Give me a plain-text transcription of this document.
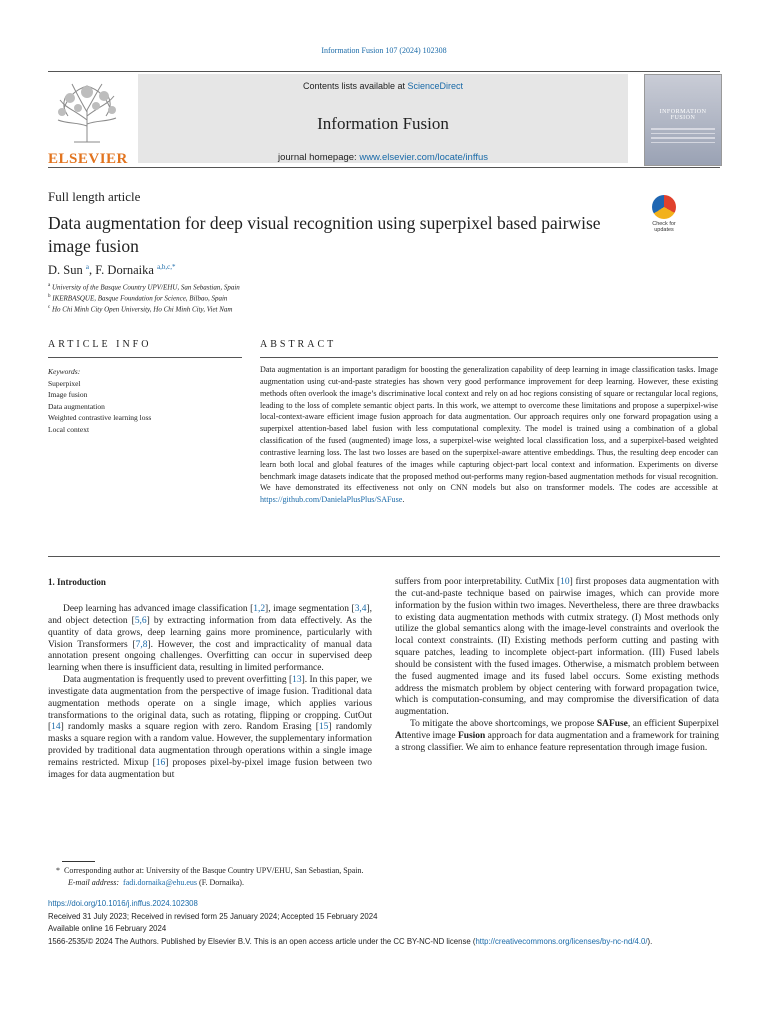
Information Fusion 107 (2024) 102308
ELSEVIER
Contents lists available at ScienceDirect
Information Fusion
journal homepage: www.elsevier.com/locate/inffus
INFORMATION FUSION
Full length article
Data augmentation for deep visual recognition using superpixel based pairwise image fusion
Check for updates
D. Sun $^a$, F. Dornaika $^{a,b,c,*}$
$^a$ University of the Basque Country UPV/EHU, San Sebastian, Spain
$^b$ IKERBASQUE, Basque Foundation for Science, Bilbao, Spain
$^c$ Ho Chi Minh City Open University, Ho Chi Minh City, Viet Nam
ARTICLE INFO	ABSTRACT
Keywords:
Superpixel
Image fusion
Data augmentation
Weighted contrastive learning loss
Local context
Data augmentation is an important paradigm for boosting the generalization capability of deep learning in image classification tasks. Image augmentation using cut-and-paste strategies has shown very good performance improvement for deep learning. However, these existing methods often overlook the image’s discriminative local context and rely on ad hoc regions consisting of square or rectangular local regions, leading to the loss of complete semantic object parts. In this work, we attempt to overcome these limitations and propose a superpixel-wise local-context-aware efficient image fusion approach for data augmentation. Our approach requires only one forward propagation using a superpixel attention-based label fusion with less computational complexity. The model is trained using a combination of a global classification of the fused (augmented) image loss, a superpixel-wise weighted local classification loss, and a superpixel-based weighted contrastive learning loss. The last two losses are based on the superpixel-aware attentive embeddings. Thus, the resulting deep encoder can learn both local and global features of the images while capturing object-part local context and information. Experiments on diverse benchmark image datasets indicate that the proposed method out-performs many region-based augmentation methods for visual recognition. We have demonstrated its effectiveness not only on CNN models but also on transformer models. The codes are accessible at https://github.com/DanielaPlusPlus/SAFuse.
1. Introduction

Deep learning has advanced image classification [1,2], image segmentation [3,4], and object detection [5,6] by extracting information from data effectively. As the quantity of data grows, deep learning gains more prominence, particularly with Vision Transformers [7,8]. However, the cost and impracticality of manual data annotation present ongoing challenges. Overfitting can occur in supervised deep learning when there is insufficient data, resulting in limited performance.

Data augmentation is frequently used to prevent overfitting [13]. In this paper, we investigate data augmentation from the perspective of image fusion. Traditional data augmentation methods operate on a single image, which applies various transformations to the original data, such as rotating, flipping or cropping. CutOut [14] randomly masks a square region with zero. Random Erasing [15] randomly masks a square region with a random value. However, the supplementary information provided by traditional data augmentation through operations within a single image remains restricted. Mixup [16] proposes pixel-by-pixel image fusion between two images for data augmentation but

suffers from poor interpretability. CutMix [10] first proposes data augmentation with the cut-and-paste technique based on pairwise images, which can provide more information by the fusion within two images. Nevertheless, there are three drawbacks to existing data augmentation methods with cutmix strategy. (I) Most methods only utilize the global semantics along with the image-level constraints and overlook the local context constraints. (II) Existing methods perform cutting and pasting with square patches, leading to incomplete object-part information. (III) Fused labels should be consistent with the fused images. Otherwise, a mismatch problem between the fused augmented image and its fused label occurs. Some existing methods address the mismatch problem by object centering with forward propagation twice, which is computation-consuming, and may compromise the diversification of data augmentation.

To mitigate the above shortcomings, we propose SAFuse, an efficient Superpixel Attentive image Fusion approach for data augmentation and a framework for training a strong classifier. We aim to enhance feature representation through image fusion.

* Corresponding author at: University of the Basque Country UPV/EHU, San Sebastian, Spain.
E-mail address: fadi.dornaika@ehu.eus (F. Dornaika).
https://doi.org/10.1016/j.inffus.2024.102308
Received 31 July 2023; Received in revised form 25 January 2024; Accepted 15 February 2024
Available online 16 February 2024
1566-2535/© 2024 The Authors. Published by Elsevier B.V. This is an open access article under the CC BY-NC-ND license (http://creativecommons.org/licenses/by-nc-nd/4.0/).
